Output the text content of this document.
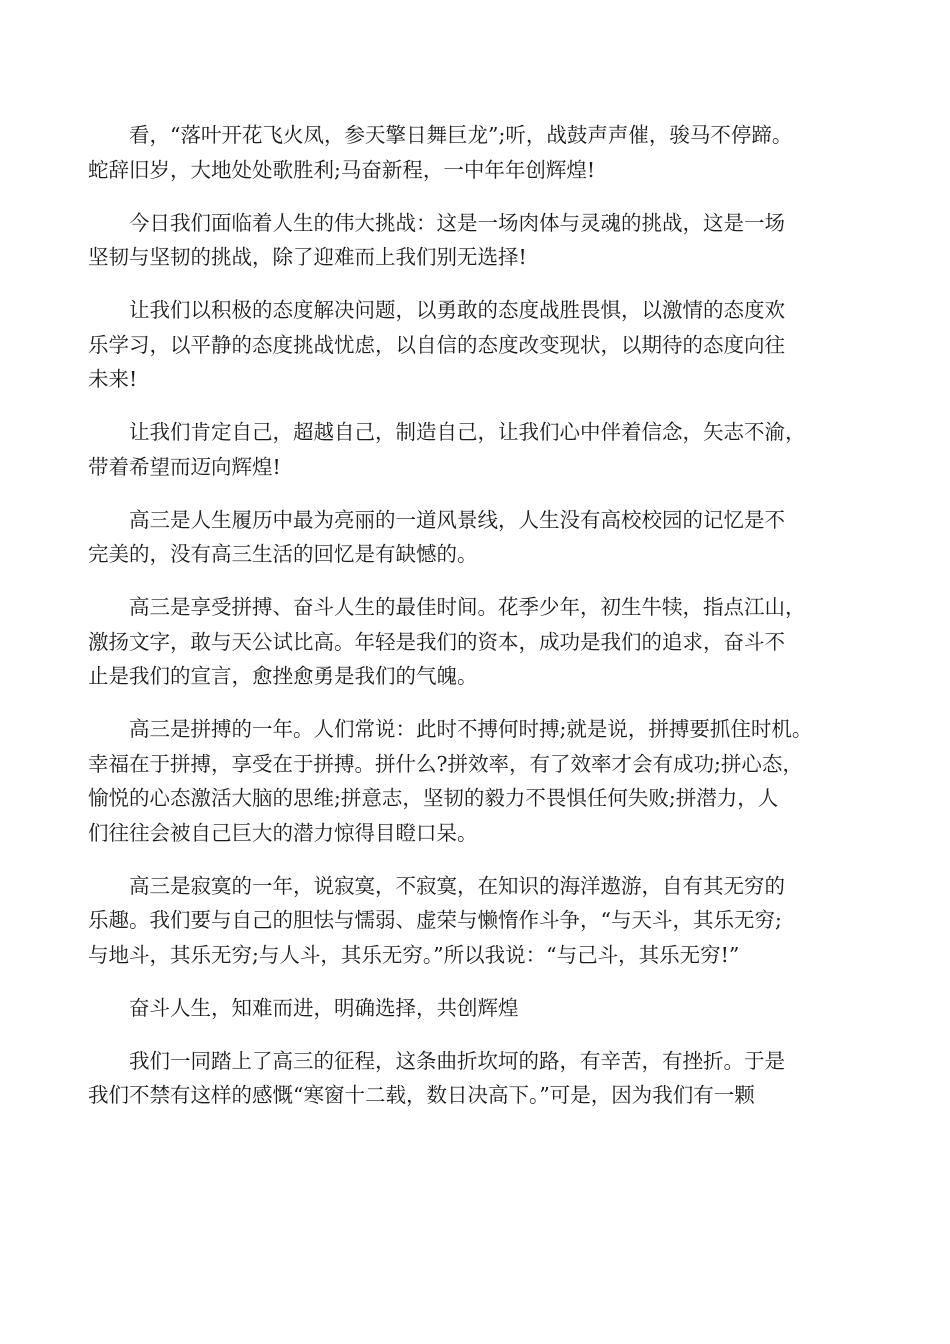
看，“落叶开花飞火凤，参天擎日舞巨龙”;听，战鼓声声催，骏马不停蹄。
蛇辞旧岁，大地处处歌胜利;马奋新程，一中年年创辉煌!

今日我们面临着人生的伟大挑战：这是一场肉体与灵魂的挑战，这是一场
坚韧与坚韧的挑战，除了迎难而上我们别无选择!

让我们以积极的态度解决问题，以勇敢的态度战胜畏惧，以激情的态度欢
乐学习，以平静的态度挑战忧虑，以自信的态度改变现状，以期待的态度向往
未来!

让我们肯定自己，超越自己，制造自己，让我们心中伴着信念，矢志不渝，
带着希望而迈向辉煌!

高三是人生履历中最为亮丽的一道风景线，人生没有高校校园的记忆是不
完美的，没有高三生活的回忆是有缺憾的。

高三是享受拼搏、奋斗人生的最佳时间。花季少年，初生牛犊，指点江山，
激扬文字，敢与天公试比高。年轻是我们的资本，成功是我们的追求，奋斗不
止是我们的宣言，愈挫愈勇是我们的气魄。

高三是拼搏的一年。人们常说：此时不搏何时搏;就是说，拼搏要抓住时机。
幸福在于拼搏，享受在于拼搏。拼什么?拼效率，有了效率才会有成功;拼心态，
愉悦的心态激活大脑的思维;拼意志，坚韧的毅力不畏惧任何失败;拼潜力，人
们往往会被自己巨大的潜力惊得目瞪口呆。

高三是寂寞的一年，说寂寞，不寂寞，在知识的海洋遨游，自有其无穷的
乐趣。我们要与自己的胆怯与懦弱、虚荣与懒惰作斗争，“与天斗，其乐无穷;
与地斗，其乐无穷;与人斗，其乐无穷。”所以我说：“与己斗，其乐无穷!”

奋斗人生，知难而进，明确选择，共创辉煌

我们一同踏上了高三的征程，这条曲折坎坷的路，有辛苦，有挫折。于是
我们不禁有这样的感慨“寒窗十二载，数日决高下。”可是，因为我们有一颗
